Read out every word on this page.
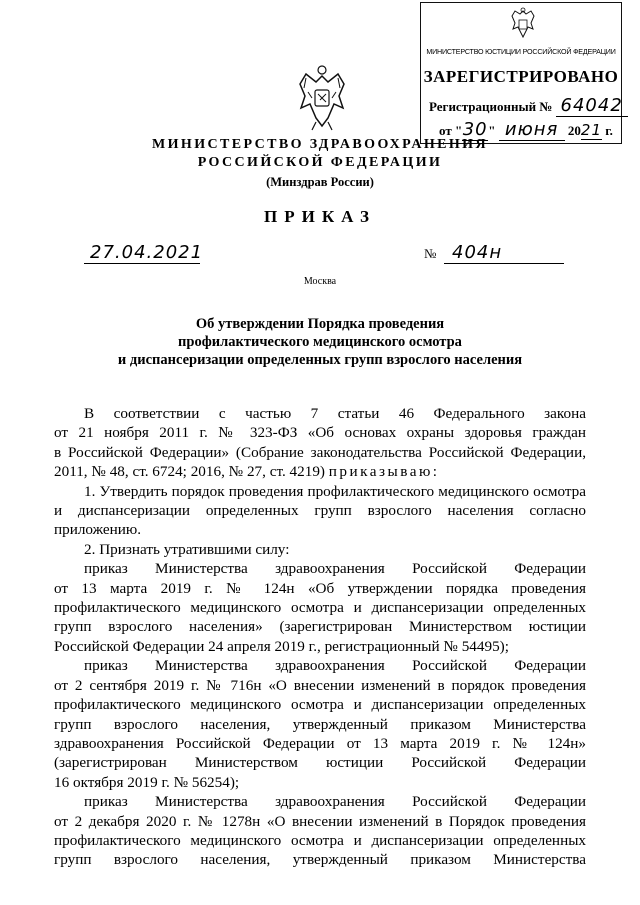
МИНИСТЕРСТВО ЮСТИЦИИ РОССИЙСКОЙ ФЕДЕРАЦИИ
ЗАРЕГИСТРИРОВАНО
Регистрационный № 64042
от "30" июня 2021 г.
МИНИСТЕРСТВО ЗДРАВООХРАНЕНИЯ
РОССИЙСКОЙ ФЕДЕРАЦИИ
(Минздрав России)
ПРИКАЗ
27.04.2021	№ 404н
Москва
Об утверждении Порядка проведения
профилактического медицинского осмотра
и диспансеризации определенных групп взрослого населения

В соответствии с частью 7 статьи 46 Федерального закона

от 21 ноября 2011 г. № 323-ФЗ «Об основах охраны здоровья граждан

в Российской Федерации» (Собрание законодательства Российской Федерации,

2011, № 48, ст. 6724; 2016, № 27, ст. 4219) приказываю:

1. Утвердить порядок проведения профилактического медицинского осмотра

и диспансеризации определенных групп взрослого населения согласно

приложению.

2. Признать утратившими силу:

приказ Министерства здравоохранения Российской Федерации

от 13 марта 2019 г. № 124н «Об утверждении порядка проведения

профилактического медицинского осмотра и диспансеризации определенных

групп взрослого населения» (зарегистрирован Министерством юстиции

Российской Федерации 24 апреля 2019 г., регистрационный № 54495);

приказ Министерства здравоохранения Российской Федерации

от 2 сентября 2019 г. № 716н «О внесении изменений в порядок проведения

профилактического медицинского осмотра и диспансеризации определенных

групп взрослого населения, утвержденный приказом Министерства

здравоохранения Российской Федерации от 13 марта 2019 г. № 124н»

(зарегистрирован Министерством юстиции Российской Федерации

16 октября 2019 г. № 56254);

приказ Министерства здравоохранения Российской Федерации

от 2 декабря 2020 г. № 1278н «О внесении изменений в Порядок проведения

профилактического медицинского осмотра и диспансеризации определенных

групп взрослого населения, утвержденный приказом Министерства
